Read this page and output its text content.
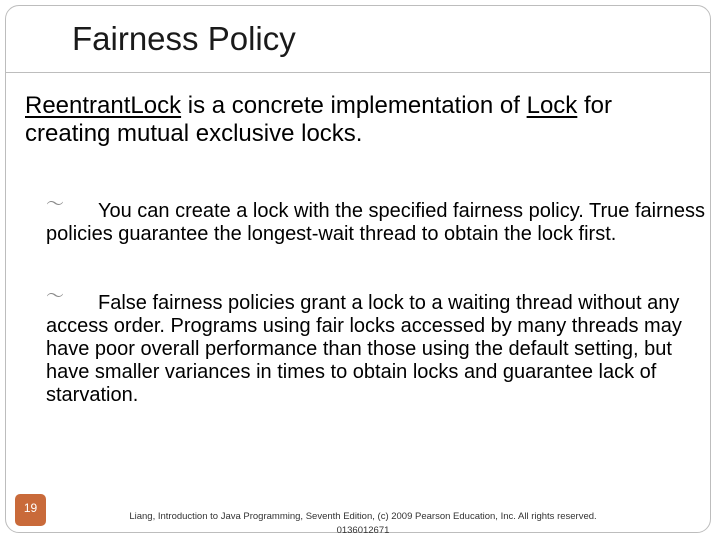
Fairness Policy
ReentrantLock is a concrete implementation of Lock for creating mutual exclusive locks.
〜 You can create a lock with the specified fairness policy. True fairness policies guarantee the longest-wait thread to obtain the lock first.
〜 False fairness policies grant a lock to a waiting thread without any access order. Programs using fair locks accessed by many threads may have poor overall performance than those using the default setting, but have smaller variances in times to obtain locks and guarantee lack of starvation.
19
Liang, Introduction to Java Programming, Seventh Edition, (c) 2009 Pearson Education, Inc. All rights reserved. 0136012671
